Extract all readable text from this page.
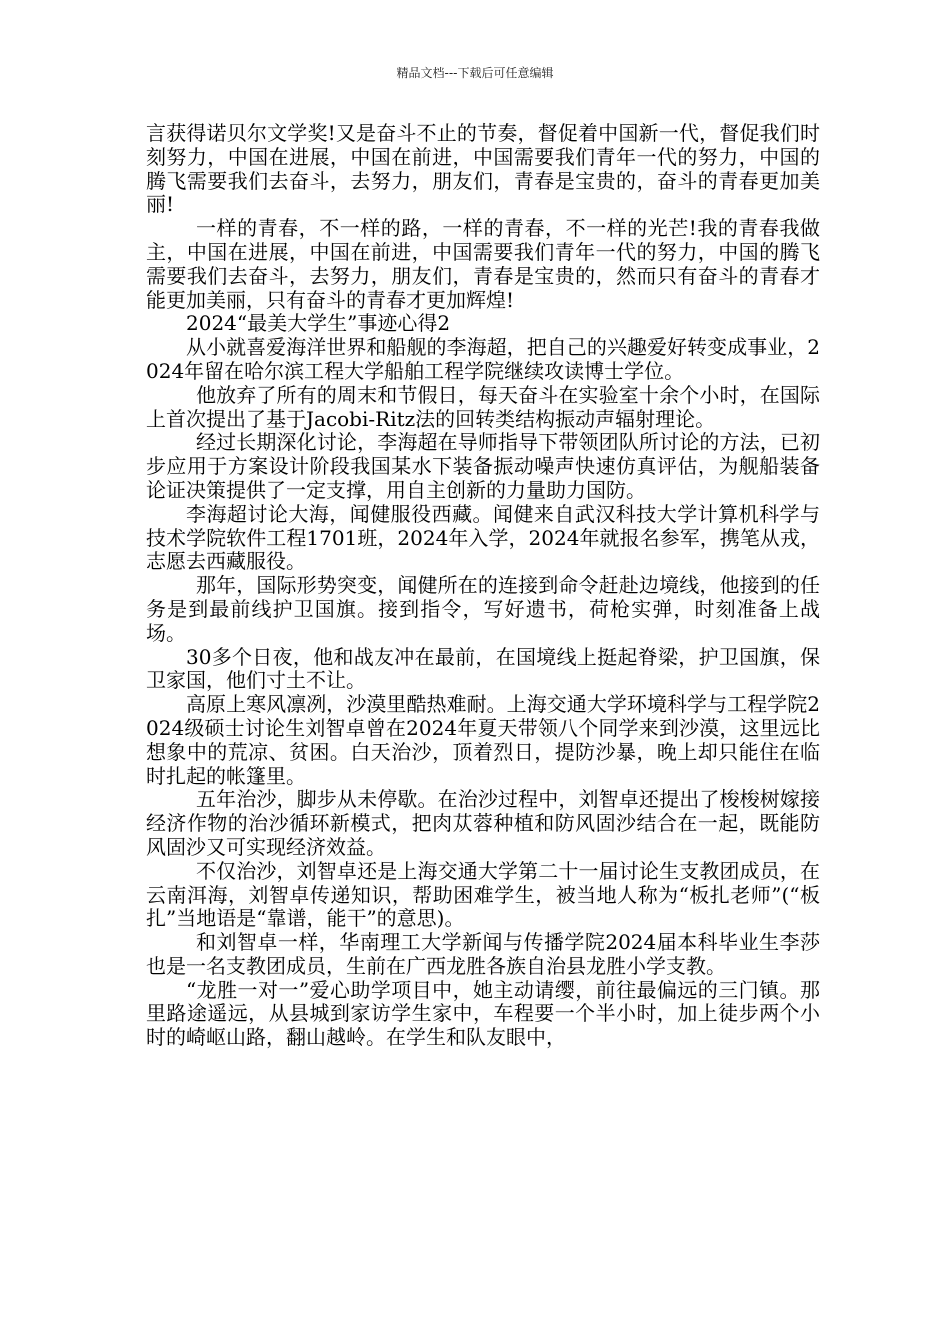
精品文档---下载后可任意编辑

言获得诺贝尔文学奖!又是奋斗不止的节奏，督促着中国新一代，督促我们时刻努力，中国在进展，中国在前进，中国需要我们青年一代的努力，中国的腾飞需要我们去奋斗，去努力，朋友们，青春是宝贵的，奋斗的青春更加美丽!

一样的青春，不一样的路，一样的青春，不一样的光芒!我的青春我做主，中国在进展，中国在前进，中国需要我们青年一代的努力，中国的腾飞需要我们去奋斗，去努力，朋友们，青春是宝贵的，然而只有奋斗的青春才能更加美丽，只有奋斗的青春才更加辉煌!

2024“最美大学生”事迹心得2

从小就喜爱海洋世界和船舰的李海超，把自己的兴趣爱好转变成事业，2024年留在哈尔滨工程大学船舶工程学院继续攻读博士学位。

他放弃了所有的周末和节假日，每天奋斗在实验室十余个小时，在国际上首次提出了基于Jacobi-Ritz法的回转类结构振动声辐射理论。

经过长期深化讨论，李海超在导师指导下带领团队所讨论的方法，已初步应用于方案设计阶段我国某水下装备振动噪声快速仿真评估，为舰船装备论证决策提供了一定支撑，用自主创新的力量助力国防。

李海超讨论大海，闻健服役西藏。闻健来自武汉科技大学计算机科学与技术学院软件工程1701班，2024年入学，2024年就报名参军，携笔从戎，志愿去西藏服役。

那年，国际形势突变，闻健所在的连接到命令赶赴边境线，他接到的任务是到最前线护卫国旗。接到指令，写好遗书，荷枪实弹，时刻准备上战场。

30多个日夜，他和战友冲在最前，在国境线上挺起脊梁，护卫国旗，保卫家国，他们寸土不让。

高原上寒风凛冽，沙漠里酷热难耐。上海交通大学环境科学与工程学院2024级硕士讨论生刘智卓曾在2024年夏天带领八个同学来到沙漠，这里远比想象中的荒凉、贫困。白天治沙，顶着烈日，提防沙暴，晚上却只能住在临时扎起的帐篷里。

五年治沙，脚步从未停歇。在治沙过程中，刘智卓还提出了梭梭树嫁接经济作物的治沙循环新模式，把肉苁蓉种植和防风固沙结合在一起，既能防风固沙又可实现经济效益。

不仅治沙，刘智卓还是上海交通大学第二十一届讨论生支教团成员，在云南洱海，刘智卓传递知识，帮助困难学生，被当地人称为“板扎老师”(“板扎”当地语是“靠谱，能干”的意思)。

和刘智卓一样，华南理工大学新闻与传播学院2024届本科毕业生李莎也是一名支教团成员，生前在广西龙胜各族自治县龙胜小学支教。

“龙胜一对一”爱心助学项目中，她主动请缨，前往最偏远的三门镇。那里路途遥远，从县城到家访学生家中，车程要一个半小时，加上徒步两个小时的崎岖山路，翻山越岭。在学生和队友眼中，
